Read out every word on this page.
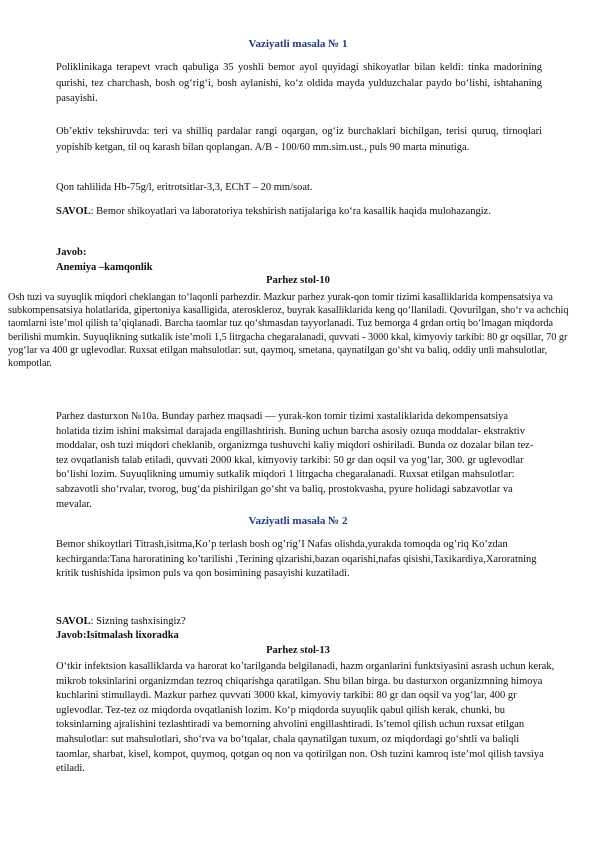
Vaziyatli masala № 1
Poliklinikaga terapevt vrach qabuliga 35 yoshli bemor ayol quyidagi shikoyatlar bilan keldi: tinka madorining qurishi, tez charchash, bosh og‘rig‘i, bosh aylanishi, ko‘z oldida mayda yulduzchalar paydo bo‘lishi, ishtahaning pasayishi.
Ob’ektiv tekshiruvda: teri va shilliq pardalar rangi oqargan, og‘iz burchaklari bichilgan, terisi quruq, tirnoqlari yopishib ketgan, til oq karash bilan qoplangan. A/B - 100/60 mm.sim.ust., puls 90 marta minutiga.
Qon tahlilida Hb-75g/l, eritrotsitlar-3,3, EChT – 20 mm/soat.
SAVOL: Bemor shikoyatlari va laboratoriya tekshirish natijalariga ko‘ra kasallik haqida mulohazangiz.
Javob:
Anemiya –kamqonlik
Parhez stol-10
Osh tuzi va suyuqlik miqdori cheklangan to‘laqonli parhezdir. Mazkur parhez yurak-qon tomir tizimi kasalliklarida kompensatsiya va subkompensatsiya holatlarida, gipertoniya kasalligida, ateroskleroz, buyrak kasalliklarida keng qo‘llaniladi. Qovurilgan, sho‘r va achchiq taomlarni iste’mol qilish ta’qiqlanadi. Barcha taomlar tuz qo‘shmasdan tayyorlanadi. Tuz bemorga 4 grdan ortiq bo‘lmagan miqdorda berilishi mumkin. Suyuqlikning sutkalik iste’moli 1,5 litrgacha chegaralanadi, quvvati - 3000 kkal, kimyoviy tarkibi: 80 gr oqsillar, 70 gr yog‘lar va 400 gr uglevodlar. Ruxsat etilgan mahsulotlar: sut, qaymoq, smetana, qaynatilgan go‘sht va baliq, oddiy unli mahsulotlar, kompotlar.
Parhez dasturxon №10a. Bunday parhez maqsadi — yurak-kon tomir tizimi xastaliklarida dekompensatsiya holatida tizim ishini maksimal darajada engillashtirish. Buning uchun barcha asosiy ozuqa moddalar- ekstraktiv moddalar, osh tuzi miqdori cheklanib, organizmga tushuvchi kaliy miqdori oshiriladi. Bunda oz dozalar bilan tez-tez ovqatlanish talab etiladi, quvvati 2000 kkal, kimyoviy tarkibi: 50 gr dan oqsil va yog‘lar, 300. gr uglevodlar bo‘lishi lozim. Suyuqlikning umumiy sutkalik miqdori 1 litrgacha chegaralanadi. Ruxsat etilgan mahsulotlar: sabzavotli sho‘rvalar, tvorog, bug‘da pishirilgan go‘sht va baliq, prostokvasha, pyure holidagi sabzavotlar va mevalar.
Vaziyatli masala № 2
Bemor shikoytlari Titrash,isitma,Ko’p terlash bosh og’rig’I Nafas olishda,yurakda tomoqda og’riq Ko’zdan kechirganda:Tana haroratining ko’tarilishi ,Terining qizarishi,bazan oqarishi,nafas qisishi,Taxikardiya,Xaroratning kritik tushishida ipsimon puls va qon bosimining pasayishi kuzatiladi.
SAVOL: Sizning tashxisingiz?
Javob:Isitmalash lixoradka
Parhez stol-13
O‘tkir infektsion kasalliklarda va harorat ko’tarilganda belgilanadi, hazm organlarini funktsiyasini asrash uchun kerak, mikrob toksinlarini organizmdan tezroq chiqarishga qaratilgan. Shu bilan birga. bu dasturxon organizmning himoya kuchlarini stimullaydi. Mazkur parhez quvvati 3000 kkal, kimyoviy tarkibi: 80 gr dan oqsil va yog‘lar, 400 gr uglevodlar. Tez-tez oz miqdorda ovqatlanish lozim. Ko‘p miqdorda suyuqlik qabul qilish kerak, chunki, bu toksinlarning ajralishini tezlashtiradi va bemorning ahvolini engillashtiradi. Is’temol qilish uchun ruxsat etilgan mahsulotlar: sut mahsulotlari, sho‘rva va bo‘tqalar, chala qaynatilgan tuxum, oz miqdordagi go‘shtli va baliqli taomlar, sharbat, kisel, kompot, quymoq, qotgan oq non va qotirilgan non. Osh tuzini kamroq iste’mol qilish tavsiya etiladi.
